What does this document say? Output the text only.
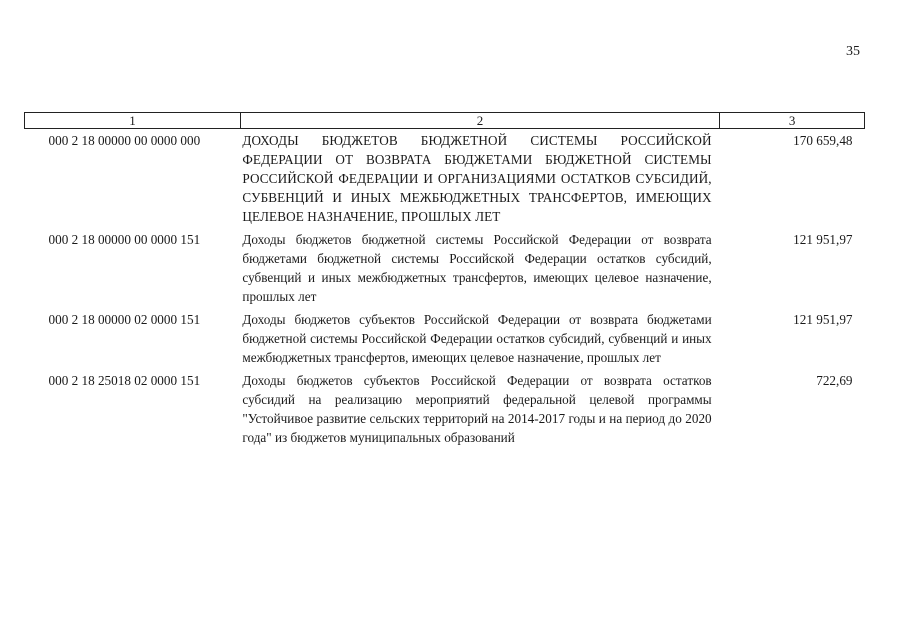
35
1	2	3
000 2 18 00000 00 0000 000	ДОХОДЫ БЮДЖЕТОВ БЮДЖЕТНОЙ СИСТЕМЫ РОССИЙСКОЙ ФЕДЕРАЦИИ ОТ ВОЗВРАТА БЮДЖЕТАМИ БЮДЖЕТНОЙ СИСТЕМЫ РОССИЙСКОЙ ФЕДЕРАЦИИ И ОРГАНИЗАЦИЯМИ ОСТАТКОВ СУБСИДИЙ, СУБВЕНЦИЙ И ИНЫХ МЕЖБЮДЖЕТНЫХ ТРАНСФЕРТОВ, ИМЕЮЩИХ ЦЕЛЕВОЕ НАЗНАЧЕНИЕ, ПРОШЛЫХ ЛЕТ	170 659,48
000 2 18 00000 00 0000 151	Доходы бюджетов бюджетной системы Российской Федерации от возврата бюджетами бюджетной системы Российской Федерации остатков субсидий, субвенций и иных межбюджетных трансфертов, имеющих целевое назначение, прошлых лет	121 951,97
000 2 18 00000 02 0000 151	Доходы бюджетов субъектов Российской Федерации от возврата бюджетами бюджетной системы Российской Федерации остатков субсидий, субвенций и иных межбюджетных трансфертов, имеющих целевое назначение, прошлых лет	121 951,97
000 2 18 25018 02 0000 151	Доходы бюджетов субъектов Российской Федерации от возврата остатков субсидий на реализацию мероприятий федеральной целевой программы "Устойчивое развитие сельских территорий на 2014-2017 годы и на период до 2020 года" из бюджетов муниципальных образований	722,69
